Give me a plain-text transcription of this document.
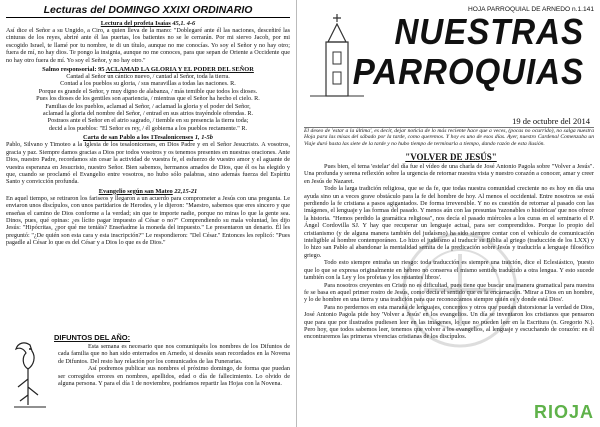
Lecturas del DOMINGO XXIXI ORDINARIO
Lectura del profeta Isaías 45,1. 4-6
Así dice el Señor a su Ungido, a Ciro, a quien lleva de la mano: "Doblegaré ante él las naciones, desceñiré las cinturas de los reyes, abriré ante él las puertas, los batientes no se le cerrarán. Por mi siervo Jacob, por mi escogido Israel, te llamé por tu nombre, te di un título, aunque no me conocías. Yo soy el Señor y no hay otro; fuera de mí, no hay dios. Te pongo la insignia, aunque no me conoces, para que sepan de Oriente a Occidente que no hay otro fuera de mí. Yo soy el Señor, y no hay otro."
Salmo responsorial: 95 ACLAMAD LA GLORIA Y EL PODER DEL SEÑOR
Cantad al Señor un cántico nuevo, / cantad al Señor, toda la tierra.
Contad a los pueblos su gloria, / sus maravillas a todas las naciones. R.
Porque es grande el Señor, y muy digno de alabanza, / más temible que todos los dioses.
Pues los dioses de los gentiles son apariencia, / mientras que el Señor ha hecho el cielo. R.
Familias de los pueblos, aclamad al Señor, / aclamad la gloria y el poder del Señor,
aclamad la gloria del nombre del Señor, / entrad en sus atrios trayéndole ofrendas. R.
Postraos ante el Señor en el atrio sagrado, / tiemble en su presencia la tierra toda;
decid a los pueblos: "El Señor es rey, / él gobierna a los pueblos rectamente." R.
Carta de san Pablo a los 1Tesalonicenses 1, 1-5b
Pablo, Silvano y Timoteo a la Iglesia de los tesalonicenses, en Dios Padre y en el Señor Jesucristo. A vosotros, gracia y paz. Siempre damos gracias a Dios por todos vosotros y os tenemos presentes en nuestras oraciones. Ante Dios, nuestro Padre, recordamos sin cesar la actividad de vuestra fe, el esfuerzo de vuestro amor y el aguante de vuestra esperanza en Jesucristo, nuestro Señor. Bien sabemos, hermanos amados de Dios, que él os ha elegido y que, cuando se proclamó el Evangelio entre vosotros, no hubo sólo palabras, sino además fuerza del Espíritu Santo y convicción profunda.
Evangelio según san Mateo 22,15-21
En aquel tiempo, se retiraron los fariseos y llegaron a un acuerdo para comprometer a Jesús con una pregunta. Le enviaron unos discípulos, con unos partidarios de Herodes, y le dijeron: "Maestro, sabemos que eres sincero y que enseñas el camino de Dios conforme a la verdad; sin que te importe nadie, porque no miras lo que la gente sea. Dinos, pues, qué opinas: ¿es lícito pagar impuesto al César o no?" Comprendiendo su mala voluntad, les dijo Jesús: "Hipócritas, ¿por qué me tentáis? Enseñadme la moneda del impuesto." Le presentaron un denario. Él les preguntó: "¿De quién son esta cara y esta inscripción?" Le respondieron: "Del César." Entonces les replicó: "Pues pagadle al César lo que es del César y a Dios lo que es de Dios."
DIFUNTOS DEL AÑO:
Esta semana es necesario que nos comuniquéis los nombres de los Difuntos de cada familia que no han sido enterrados en Arnedo, si deseáis sean recordados en la Novena de Difuntos. Del resto hay relación por los comunicados de las Funerarias.
Así podremos publicar sus nombres el próximo domingo, de forma que puedan ser corregidos errores en nombres, apellidos, edad o día de fallecimiento. Lo olvido de alguna persona. Y para el día 1 de noviembre, podríamos repartir las Hojas con la Novena.
HOJA PARROQUIAL DE ARNEDO n.1.141
NUESTRAS
PARROQUIAS
19 de octubre del 2014
El deseo de 'estar a la última', es decir, dejar noticia de lo más reciente hace que a veces, (pocas no ocurrido), no salga nuestra Hoja para las misas del sábado por la tarde, como queremos. Y hoy es uno de esos días. Ayer, nuestro Cardenal Comenzaba un Viaje duró hasta las siete de la tarde y no hubo tiempo de terminarla a tiempo, dando razón de esta ilusión.
"VOLVER DE JESÚS"
Pues bien, el tema 'estelar' del día fue el vídeo de una charla de José Antonio Pagola sobre "Volver a Jesús". Una profunda y serena reflexión sobre la urgencia de retornar nuestra vista y nuestro corazón a conocer, amar y creer en Jesús de Nazaret.
Todo la larga tradición religiosa, que se da fe, que todas nuestra comunidad creciente no es hoy en día una ayuda sino un a veces grave obstáculo para la fe del hombre de hoy. Al menos el occidental. Entre nosotros se está perdiendo la fe cristiana a pasos agigantados. De forma irreversible. Y no es cuestión de retornar al pasado con las imágenes, el lenguaje y las formas del pasado. Y menos aún con las presuntas 'razonables o históricas' que nos ofrece la historia. "Hemos perdido la gramática religiosa", nos decía el pasado miércoles a los curas en el seminario el P. Ángel Cordovilla SJ. Y hay que recuperar un lenguaje actual, para ser comprendidos. Porque lo propio del cristianismo (y de alguna manera también del judaísmo) ha sido siempre contar con el vehículo de comunicación inteligible al hombre contemporáneo. Lo hizo el judaísmo al traducir su Biblia al griego (traducción de los LXX) y lo hizo san Pablo al abandonar la mentalidad semita de la predicación sobre Jesús y traducirla a lenguaje filosófico griego.
Todo esto siempre entraña un riesgo: toda traducción es siempre una traición, dice el Eclesiástico, 'puesto que lo que se expresa originalmente en hebreo no conserva el mismo sentido traducido a otra lengua. Y esto sucede también con la Ley y los profetas y los restantes libros'.
Para nosotros creyentes en Cristo no es dificultad, pues tiene que buscar una manera gramatical para nuestra fe se basa en aquel primer rostro de Jesús, como decía el sentido que es la encarnación. 'Mirar a Dios en un hombre, y lo de hombre en una tierra y una tradición para que reconozcamos siempre quién es y donde está Dios'.
Para no perdernos en esta maraña de lenguajes, conceptos y otros que puedan distorsionar la verdad de Dios, José Antonio Pagola pide hoy 'Volver a Jesús' en los evangelios. Un día se inventaron los cristianos que pensaron que para que por ilustrados pudiesen leer en las imágenes, lo que no pueden leer en la Escritura (n. Gregorio N.). Pero hoy, que todos sabemos leer, tenemos que volver a los evangelios, al lenguaje y escuchando de corazón: en él encontraremos las primeras vivencias cristianas de los discípulos.
RIOJA
